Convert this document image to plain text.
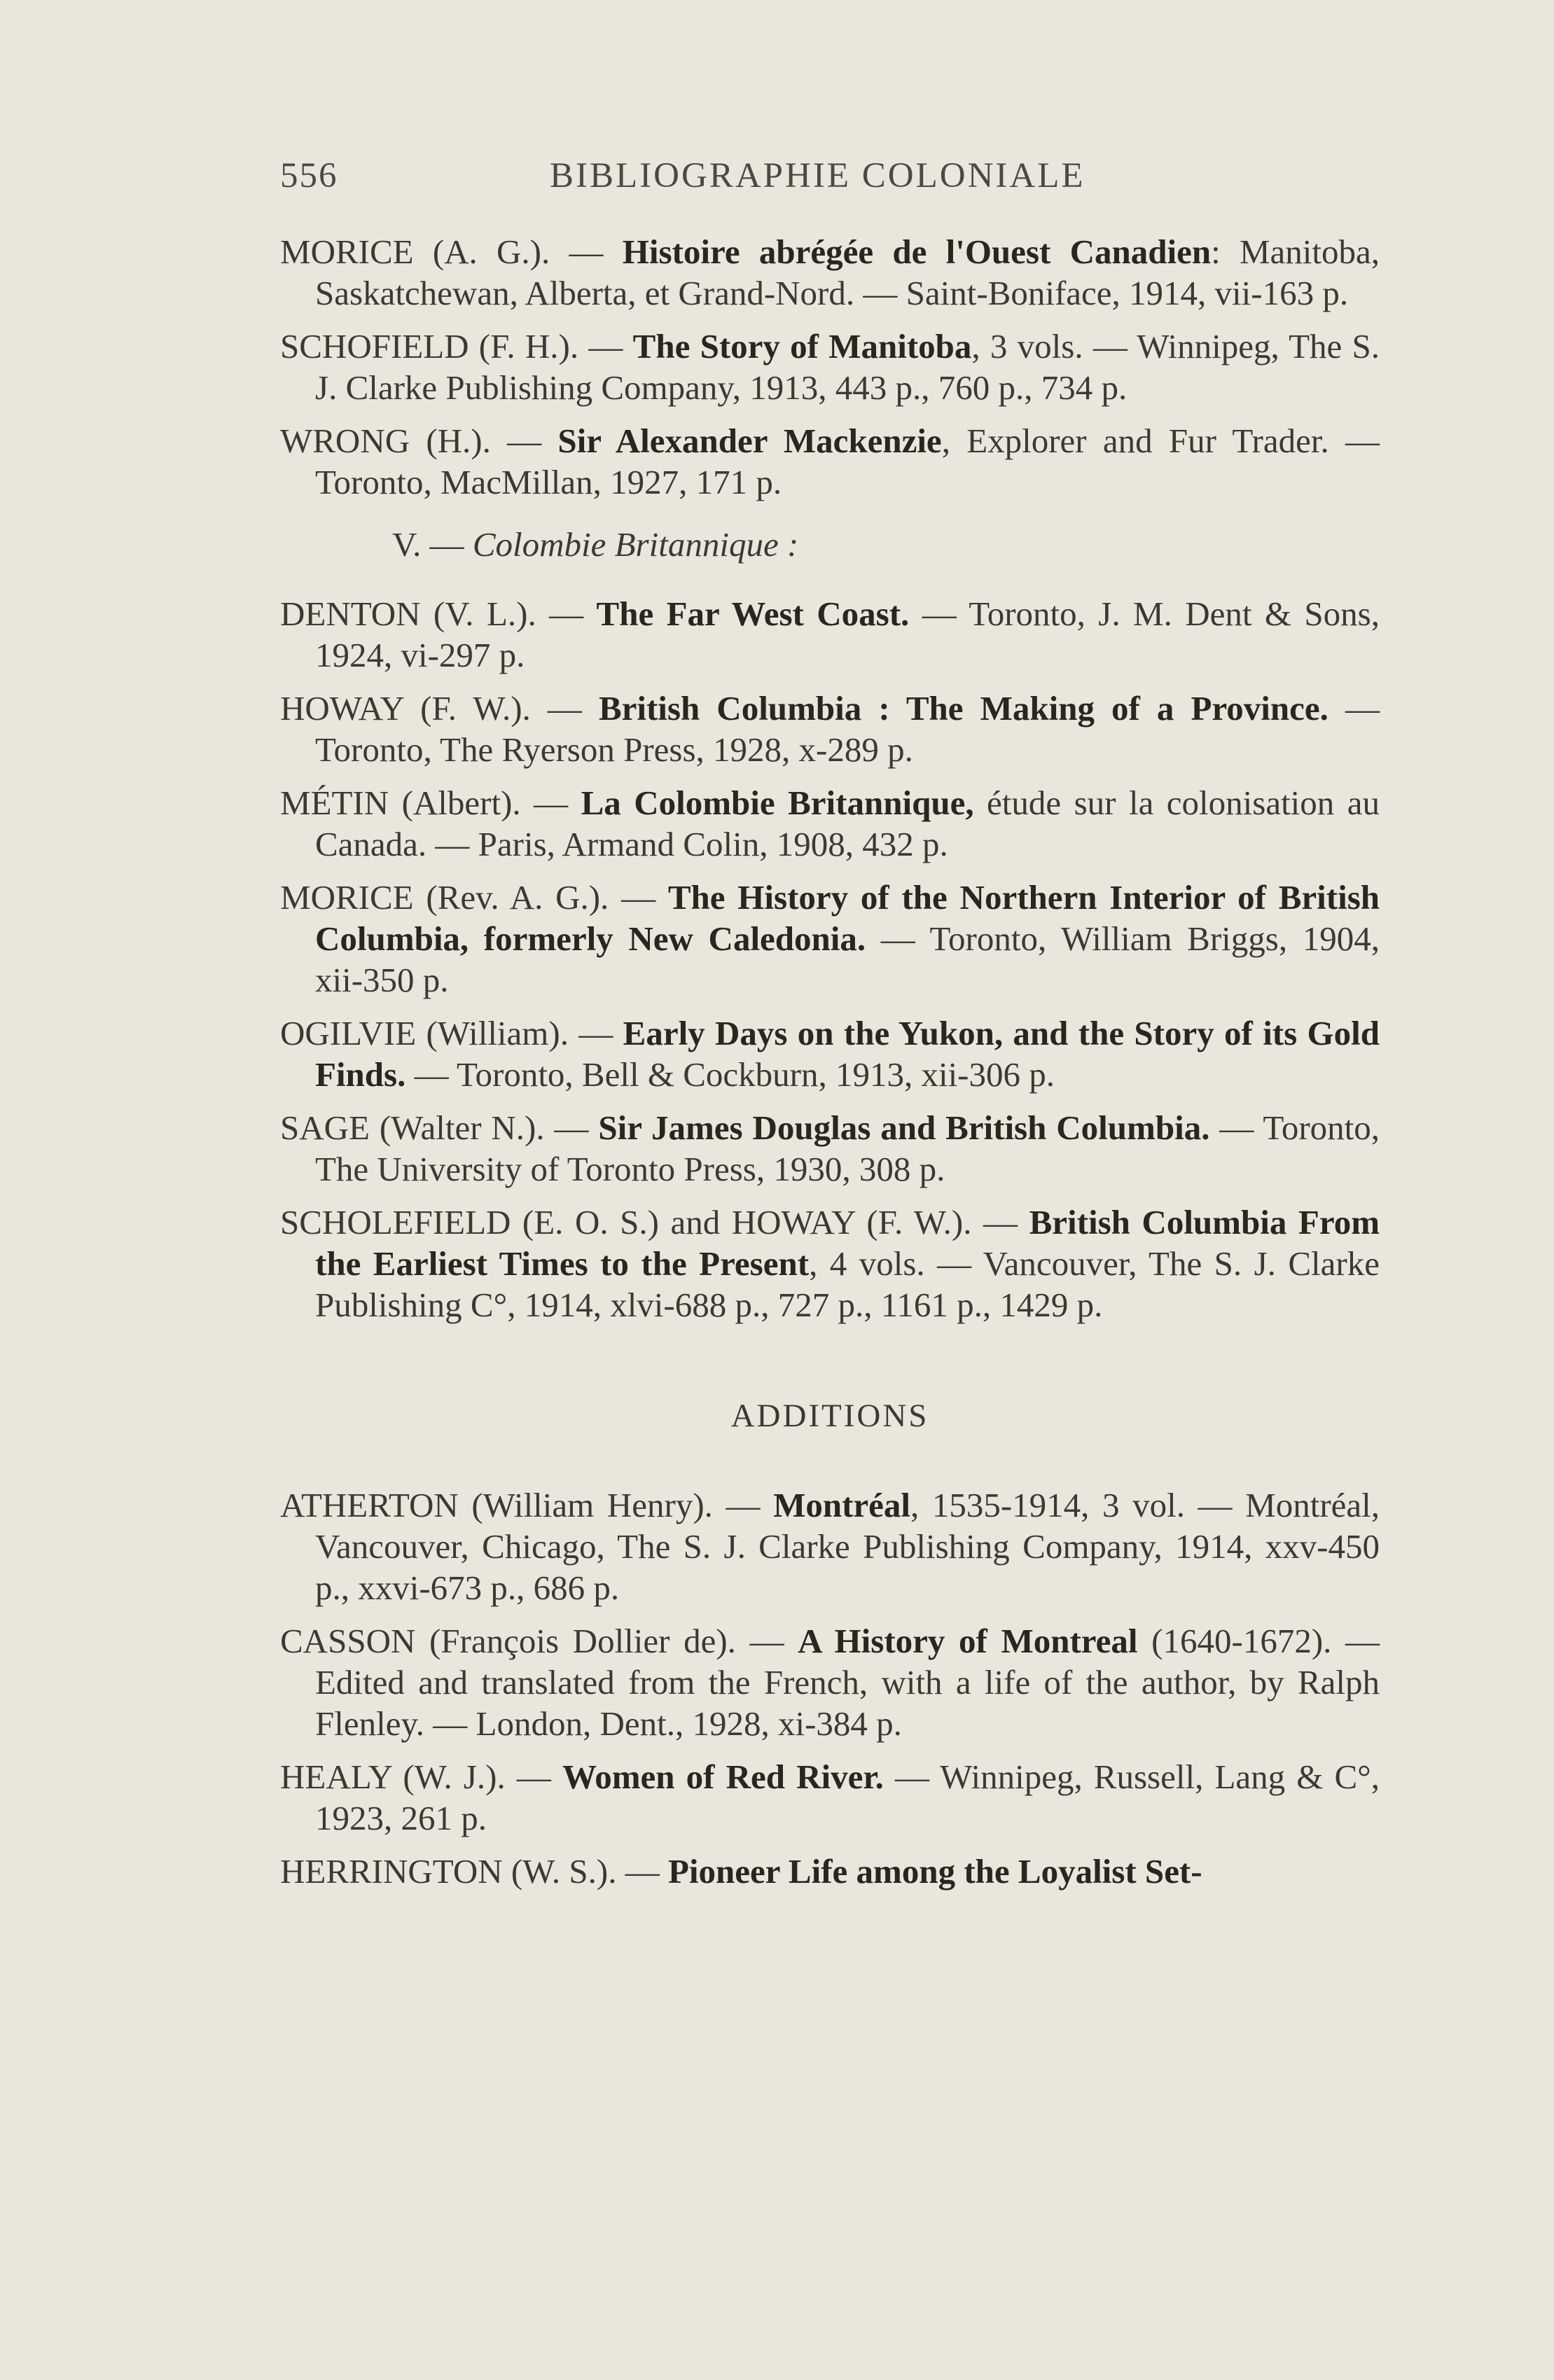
556	BIBLIOGRAPHIE COLONIALE

MORICE (A. G.). — Histoire abrégée de l'Ouest Canadien: Manitoba, Saskatchewan, Alberta, et Grand-Nord. — Saint-Boniface, 1914, vii-163 p.

SCHOFIELD (F. H.). — The Story of Manitoba, 3 vols. — Winnipeg, The S. J. Clarke Publishing Company, 1913, 443 p., 760 p., 734 p.

WRONG (H.). — Sir Alexander Mackenzie, Explorer and Fur Trader. — Toronto, MacMillan, 1927, 171 p.

V. — Colombie Britannique :

DENTON (V. L.). — The Far West Coast. — Toronto, J. M. Dent & Sons, 1924, vi-297 p.

HOWAY (F. W.). — British Columbia : The Making of a Province. — Toronto, The Ryerson Press, 1928, x-289 p.

MÉTIN (Albert). — La Colombie Britannique, étude sur la colonisation au Canada. — Paris, Armand Colin, 1908, 432 p.

MORICE (Rev. A. G.). — The History of the Northern Interior of British Columbia, formerly New Caledonia. — Toronto, William Briggs, 1904, xii-350 p.

OGILVIE (William). — Early Days on the Yukon, and the Story of its Gold Finds. — Toronto, Bell & Cockburn, 1913, xii-306 p.

SAGE (Walter N.). — Sir James Douglas and British Columbia. — Toronto, The University of Toronto Press, 1930, 308 p.

SCHOLEFIELD (E. O. S.) and HOWAY (F. W.). — British Columbia From the Earliest Times to the Present, 4 vols. — Vancouver, The S. J. Clarke Publishing C°, 1914, xlvi-688 p., 727 p., 1161 p., 1429 p.

ADDITIONS

ATHERTON (William Henry). — Montréal, 1535-1914, 3 vol. — Montréal, Vancouver, Chicago, The S. J. Clarke Publishing Company, 1914, xxv-450 p., xxvi-673 p., 686 p.

CASSON (François Dollier de). — A History of Montreal (1640-1672). — Edited and translated from the French, with a life of the author, by Ralph Flenley. — London, Dent., 1928, xi-384 p.

HEALY (W. J.). — Women of Red River. — Winnipeg, Russell, Lang & C°, 1923, 261 p.

HERRINGTON (W. S.). — Pioneer Life among the Loyalist Set-
